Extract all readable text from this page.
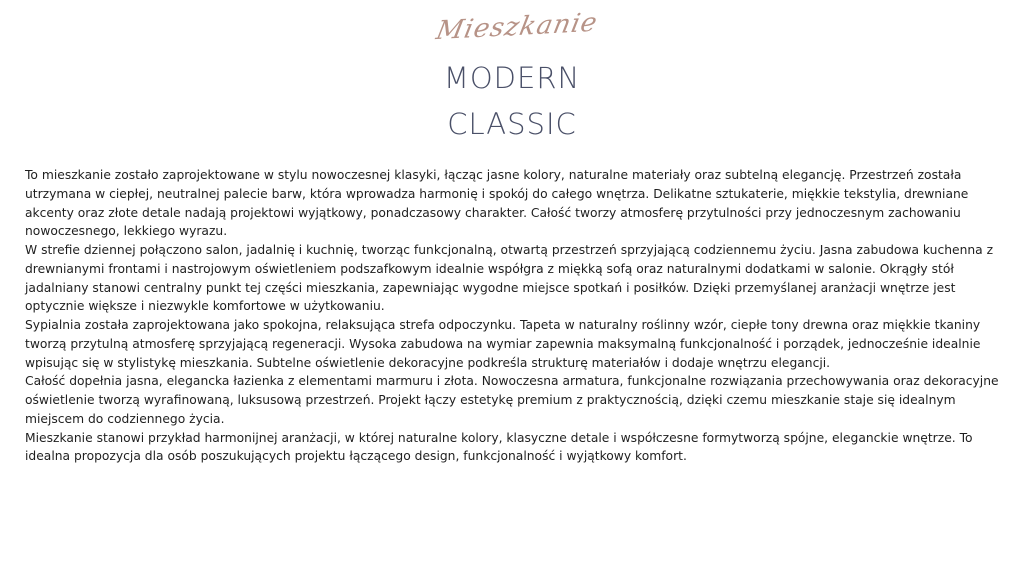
Mieszkanie
MODERN
CLASSIC

To mieszkanie zostało zaprojektowane w stylu nowoczesnej klasyki, łącząc jasne kolory, naturalne materiały oraz subtelną elegancję. Przestrzeń została utrzymana w ciepłej, neutralnej palecie barw, która wprowadza harmonię i spokój do całego wnętrza. Delikatne sztukaterie, miękkie tekstylia, drewniane akcenty oraz złote detale nadają projektowi wyjątkowy, ponadczasowy charakter. Całość tworzy atmosferę przytulności przy jednoczesnym zachowaniu nowoczesnego, lekkiego wyrazu.

W strefie dziennej połączono salon, jadalnię i kuchnię, tworząc funkcjonalną, otwartą przestrzeń sprzyjającą codziennemu życiu. Jasna zabudowa kuchenna z drewnianymi frontami i nastrojowym oświetleniem podszafkowym idealnie współgra z miękką sofą oraz naturalnymi dodatkami w salonie. Okrągły stół jadalniany stanowi centralny punkt tej części mieszkania, zapewniając wygodne miejsce spotkań i posiłków. Dzięki przemyślanej aranżacji wnętrze jest optycznie większe i niezwykle komfortowe w użytkowaniu.

Sypialnia została zaprojektowana jako spokojna, relaksująca strefa odpoczynku. Tapeta w naturalny roślinny wzór, ciepłe tony drewna oraz miękkie tkaniny tworzą przytulną atmosferę sprzyjającą regeneracji. Wysoka zabudowa na wymiar zapewnia maksymalną funkcjonalność i porządek, jednocześnie idealnie wpisując się w stylistykę mieszkania. Subtelne oświetlenie dekoracyjne podkreśla strukturę materiałów i dodaje wnętrzu elegancji.

Całość dopełnia jasna, elegancka łazienka z elementami marmuru i złota. Nowoczesna armatura, funkcjonalne rozwiązania przechowywania oraz dekoracyjne oświetlenie tworzą wyrafinowaną, luksusową przestrzeń. Projekt łączy estetykę premium z praktycznością, dzięki czemu mieszkanie staje się idealnym miejscem do codziennego życia.

Mieszkanie stanowi przykład harmonijnej aranżacji, w której naturalne kolory, klasyczne detale i współczesne formytworzą spójne, eleganckie wnętrze. To idealna propozycja dla osób poszukujących projektu łączącego design, funkcjonalność i wyjątkowy komfort.
